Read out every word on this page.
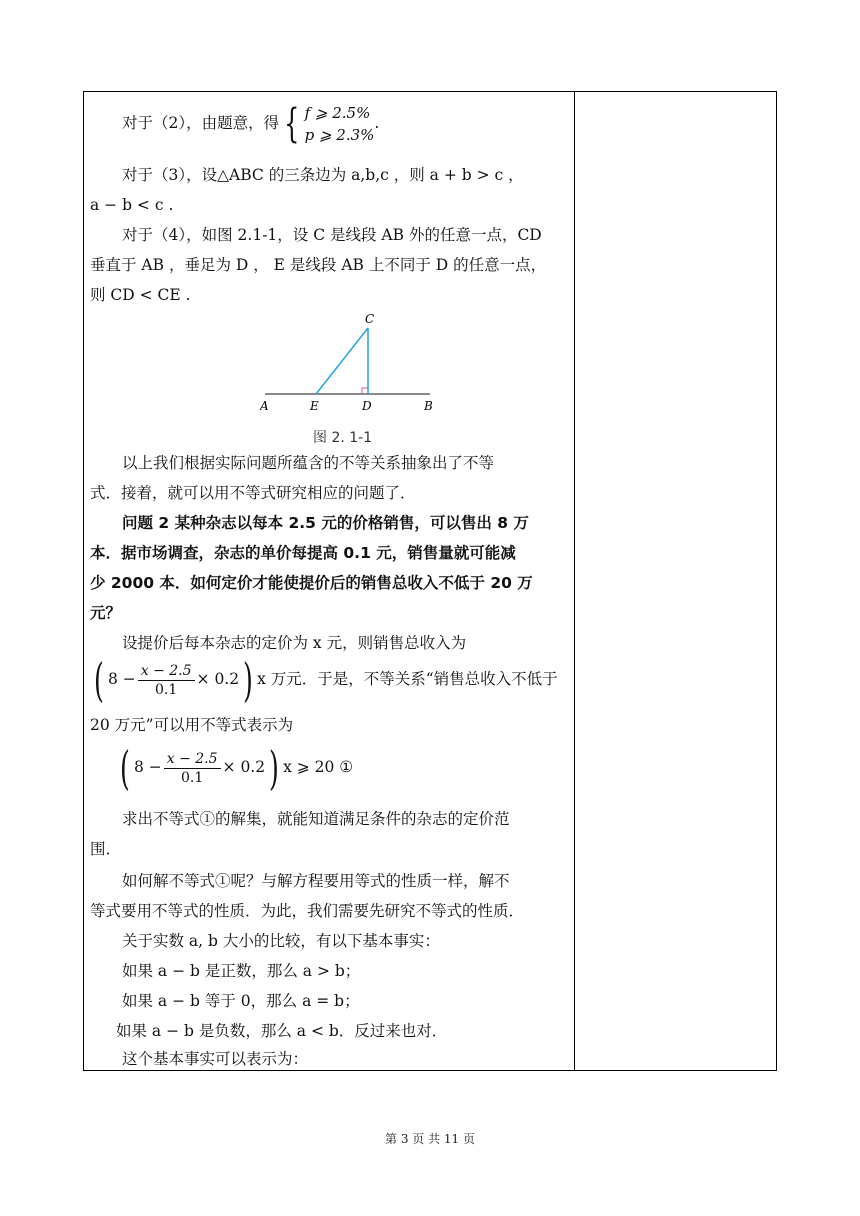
对于（2），由题意，得 { f ⩾ 2.5%
p ⩾ 2.3%
.
对于（3），设△ABC 的三条边为 a,b,c ，则 a + b > c ，
a − b < c .
对于（4），如图 2.1-1，设 C 是线段 AB 外的任意一点，CD
垂直于 AB ，垂足为 D ， E 是线段 AB 上不同于 D 的任意一点，
则 CD < CE .
C
A	E	D	B
图 2. 1-1
以上我们根据实际问题所蕴含的不等关系抽象出了不等
式．接着，就可以用不等式研究相应的问题了．
问题 2 某种杂志以每本 2.5 元的价格销售，可以售出 8 万
本．据市场调查，杂志的单价每提高 0.1 元，销售量就可能减
少 2000 本．如何定价才能使提价后的销售总收入不低于 20 万
元？
设提价后每本杂志的定价为 x 元，则销售总收入为
( $8 - \frac{x - 2.5}{0.1} \times 0.2$) x 万元．于是，不等关系“销售总收入不低于
20 万元”可以用不等式表示为
( $8 - \frac{x - 2.5}{0.1} \times 0.2$) x ⩾ 20 ①
求出不等式①的解集，就能知道满足条件的杂志的定价范
围．
如何解不等式①呢？与解方程要用等式的性质一样，解不
等式要用不等式的性质．为此，我们需要先研究不等式的性质．
关于实数 a, b 大小的比较，有以下基本事实：
如果 a − b 是正数，那么 a > b；
如果 a − b 等于 0，那么 a = b；
如果 a − b 是负数，那么 a < b．反过来也对．
这个基本事实可以表示为：
第 3 页 共 11 页
